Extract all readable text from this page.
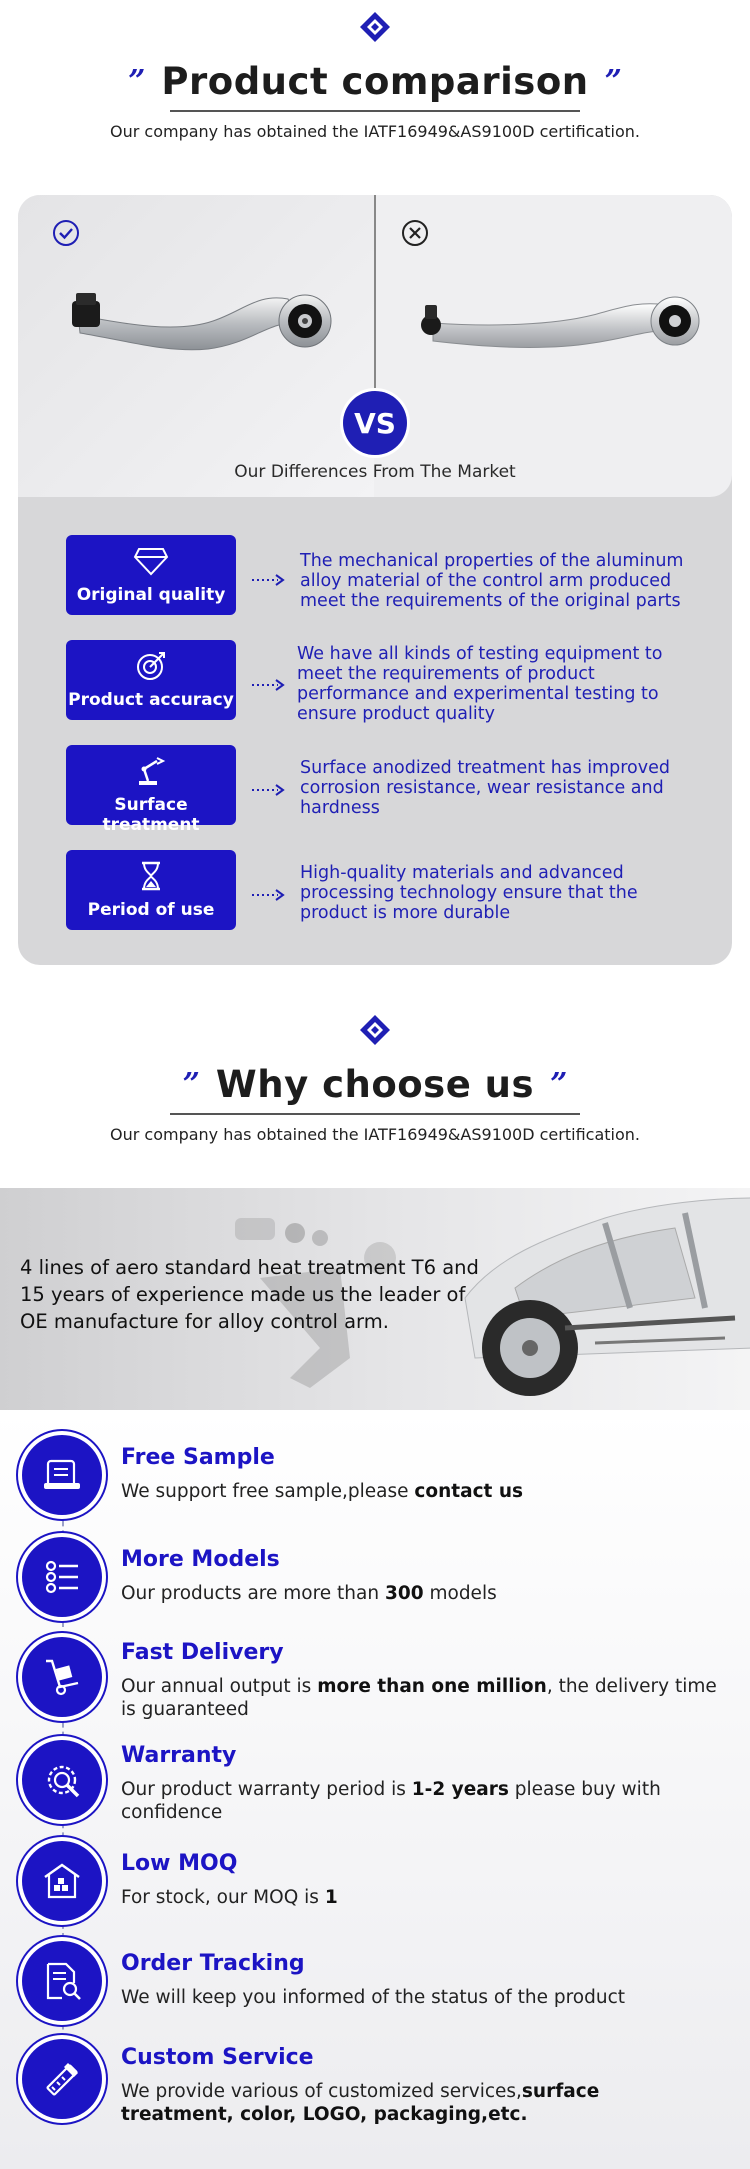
” Product comparison ”
Our company has obtained the IATF16949&AS9100D certification.
VS
Our Differences From The Market
Original quality
The mechanical properties of the aluminum alloy material of the control arm produced meet the requirements of the original parts
Product accuracy
We have all kinds of testing equipment to meet the requirements of product performance and experimental testing to ensure product quality
Surface treatment
Surface anodized treatment has improved corrosion resistance, wear resistance and hardness
Period of use
High-quality materials and advanced processing technology ensure that the product is more durable
” Why choose us ”
Our company has obtained the IATF16949&AS9100D certification.
4 lines of aero standard heat treatment T6 and 15 years of experience made us the leader of OE manufacture for alloy control arm.
Free Sample
We support free sample,please contact us
More Models
Our products are more than 300 models
Fast Delivery
Our annual output is more than one million, the delivery time is guaranteed
Warranty
Our product warranty period is 1-2 years please buy with confidence
Low MOQ
For stock, our MOQ is 1
Order Tracking
We will keep you informed of the status of the product
Custom Service
We provide various of customized services,surface treatment, color, LOGO, packaging,etc.
